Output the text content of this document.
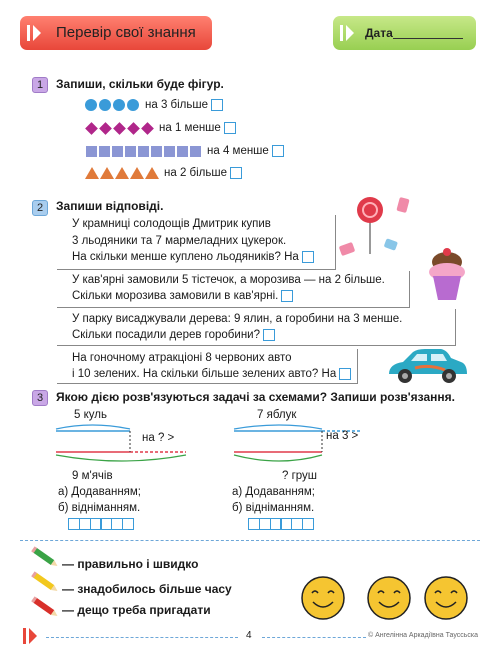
Перевір свої знання	Дата
1	Запиши, скільки буде фігур.
на 3 більше
на 1 менше
на 4 менше
на 2 більше
2	Запиши відповіді.
У крамниці солодощів Дмитрик купив
3 льодяники та 7 мармеладних цукерок.
На скільки менше куплено льодяників? На
У кав'ярні замовили 5 тістечок, а морозива — на 2 більше.
Скільки морозива замовили в кав'ярні.
У парку висаджували дерева: 9 ялин, а горобини на 3 менше.
Скільки посадили дерев горобини?
На гоночному атракціоні 8 червоних авто
і 10 зелених. На скільки більше зелених авто? На
3	Якою дією розв'язуються задачі за схемами? Запиши розв'язання.
5 куль
на ? >
9 м'ячів
а) Додаванням;
б) відніманням.
7 яблук
на 3 >
? груш
а) Додаванням;
б) відніманням.
— правильно і швидко
— знадобилось більше часу
— дещо треба пригадати
4	© Ангелінна Аркадіївна Тауссьска
